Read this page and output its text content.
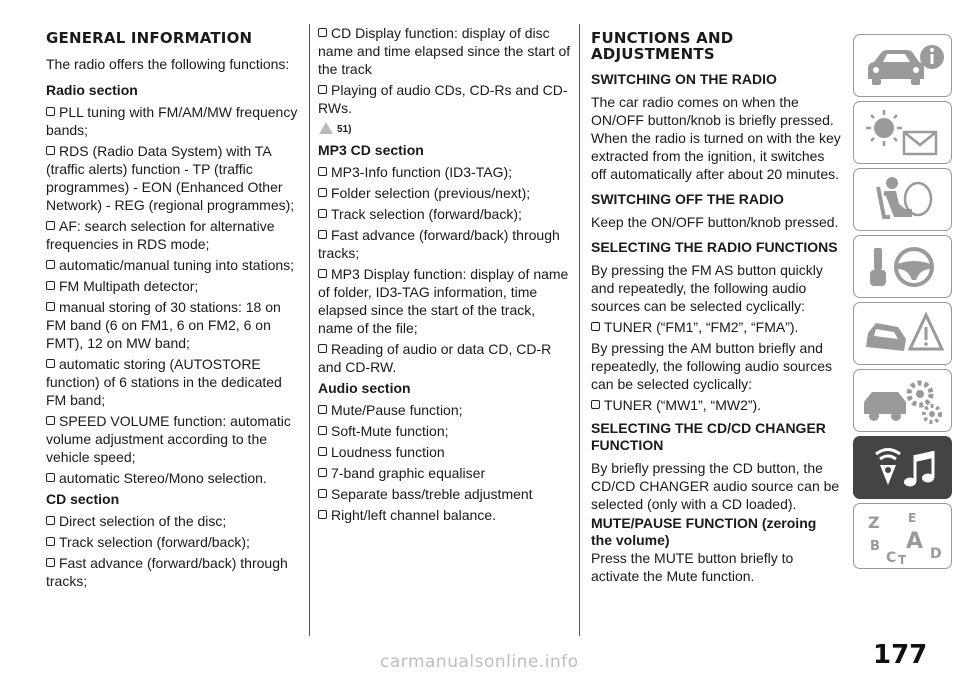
GENERAL INFORMATION
The radio offers the following functions:
Radio section
PLL tuning with FM/AM/MW frequency bands;
RDS (Radio Data System) with TA (traffic alerts) function - TP (traffic programmes) - EON (Enhanced Other Network) - REG (regional programmes);
AF: search selection for alternative frequencies in RDS mode;
automatic/manual tuning into stations;
FM Multipath detector;
manual storing of 30 stations: 18 on FM band (6 on FM1, 6 on FM2, 6 on FMT), 12 on MW band;
automatic storing (AUTOSTORE function) of 6 stations in the dedicated FM band;
SPEED VOLUME function: automatic volume adjustment according to the vehicle speed;
automatic Stereo/Mono selection.
CD section
Direct selection of the disc;
Track selection (forward/back);
Fast advance (forward/back) through tracks;
CD Display function: display of disc name and time elapsed since the start of the track
Playing of audio CDs, CD-Rs and CD-RWs.
51)
MP3 CD section
MP3-Info function (ID3-TAG);
Folder selection (previous/next);
Track selection (forward/back);
Fast advance (forward/back) through tracks;
MP3 Display function: display of name of folder, ID3-TAG information, time elapsed since the start of the track, name of the file;
Reading of audio or data CD, CD-R and CD-RW.
Audio section
Mute/Pause function;
Soft-Mute function;
Loudness function
7-band graphic equaliser
Separate bass/treble adjustment
Right/left channel balance.
FUNCTIONS AND ADJUSTMENTS
SWITCHING ON THE RADIO
The car radio comes on when the ON/OFF button/knob is briefly pressed. When the radio is turned on with the key extracted from the ignition, it switches off automatically after about 20 minutes.
SWITCHING OFF THE RADIO
Keep the ON/OFF button/knob pressed.
SELECTING THE RADIO FUNCTIONS
By pressing the FM AS button quickly and repeatedly, the following audio sources can be selected cyclically:
TUNER (“FM1”, “FM2”, “FMA”).
By pressing the AM button briefly and repeatedly, the following audio sources can be selected cyclically:
TUNER (“MW1”, “MW2”).
SELECTING THE CD/CD CHANGER FUNCTION
By briefly pressing the CD button, the CD/CD CHANGER audio source can be selected (only with a CD loaded).
MUTE/PAUSE FUNCTION (zeroing the volume)
Press the MUTE button briefly to activate the Mute function.
Z E
B A
C T D
177
carmanualsonline.info
